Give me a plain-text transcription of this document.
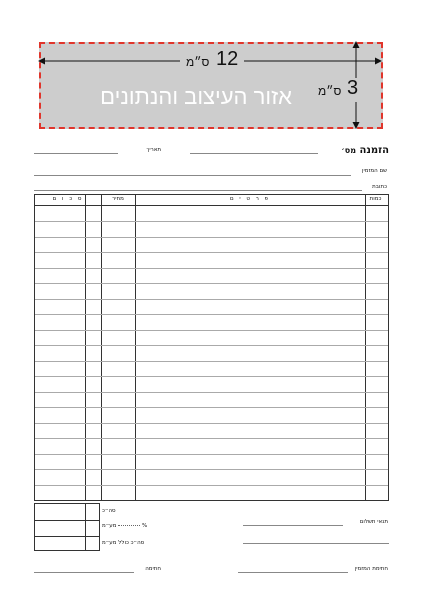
אזור העיצוב והנתונים
12
ס״מ
3
ס״מ
הזמנה מס׳
תאריך
שם המזמין
כתובת
כמות
פ ר ט י ם
מחיר
ס כ ו ם
סה״כ
מע״מ	%
סה״כ כולל מע״מ
תנאי תשלום
חתימת המזמין
חתימה
